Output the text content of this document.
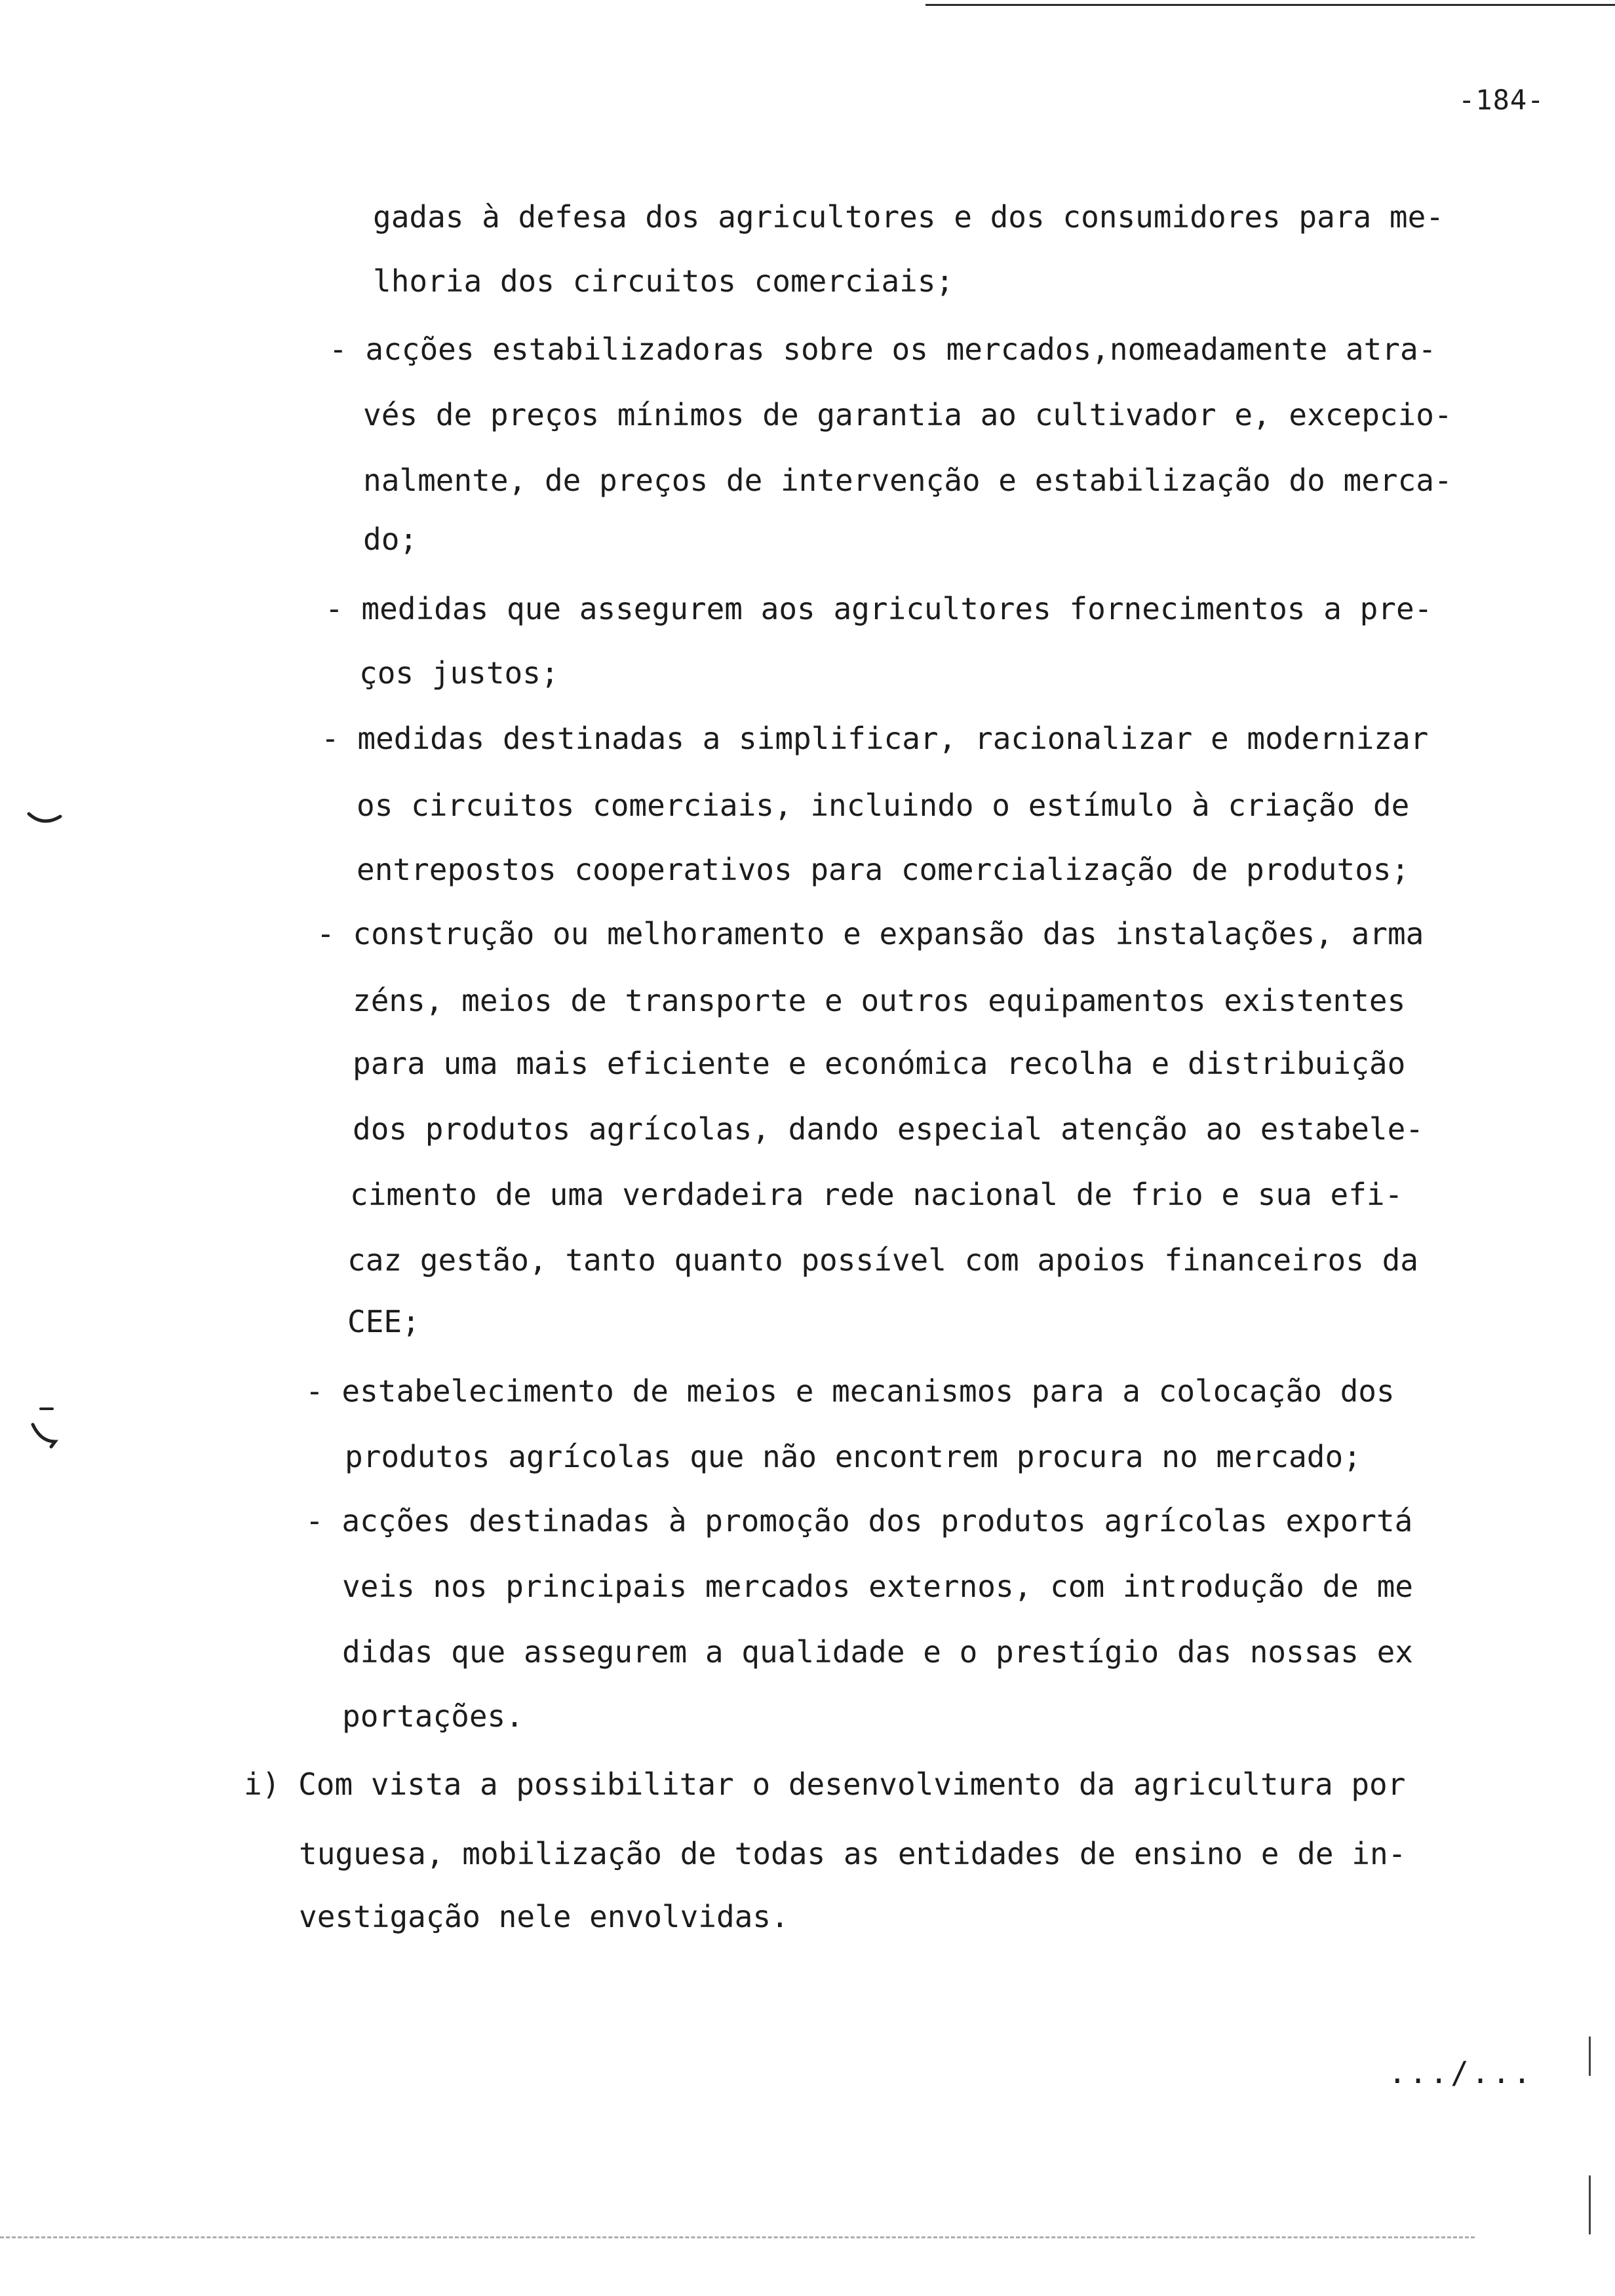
-184-
gadas à defesa dos agricultores e dos consumidores para me-
lhoria dos circuitos comerciais;
- acções estabilizadoras sobre os mercados,nomeadamente atra-
vés de preços mínimos de garantia ao cultivador e, excepcio-
nalmente, de preços de intervenção e estabilização do merca-
do;
- medidas que assegurem aos agricultores fornecimentos a pre-
ços justos;
- medidas destinadas a simplificar, racionalizar e modernizar
os circuitos comerciais, incluindo o estímulo à criação de
entrepostos cooperativos para comercialização de produtos;
- construção ou melhoramento e expansão das instalações, arma
zéns, meios de transporte e outros equipamentos existentes
para uma mais eficiente e económica recolha e distribuição
dos produtos agrícolas, dando especial atenção ao estabele-
cimento de uma verdadeira rede nacional de frio e sua efi-
caz gestão, tanto quanto possível com apoios financeiros da
CEE;
- estabelecimento de meios e mecanismos para a colocação dos
produtos agrícolas que não encontrem procura no mercado;
- acções destinadas à promoção dos produtos agrícolas exportá
veis nos principais mercados externos, com introdução de me
didas que assegurem a qualidade e o prestígio das nossas ex
portações.
i) Com vista a possibilitar o desenvolvimento da agricultura por
tuguesa, mobilização de todas as entidades de ensino e de in-
vestigação nele envolvidas.
.../...
